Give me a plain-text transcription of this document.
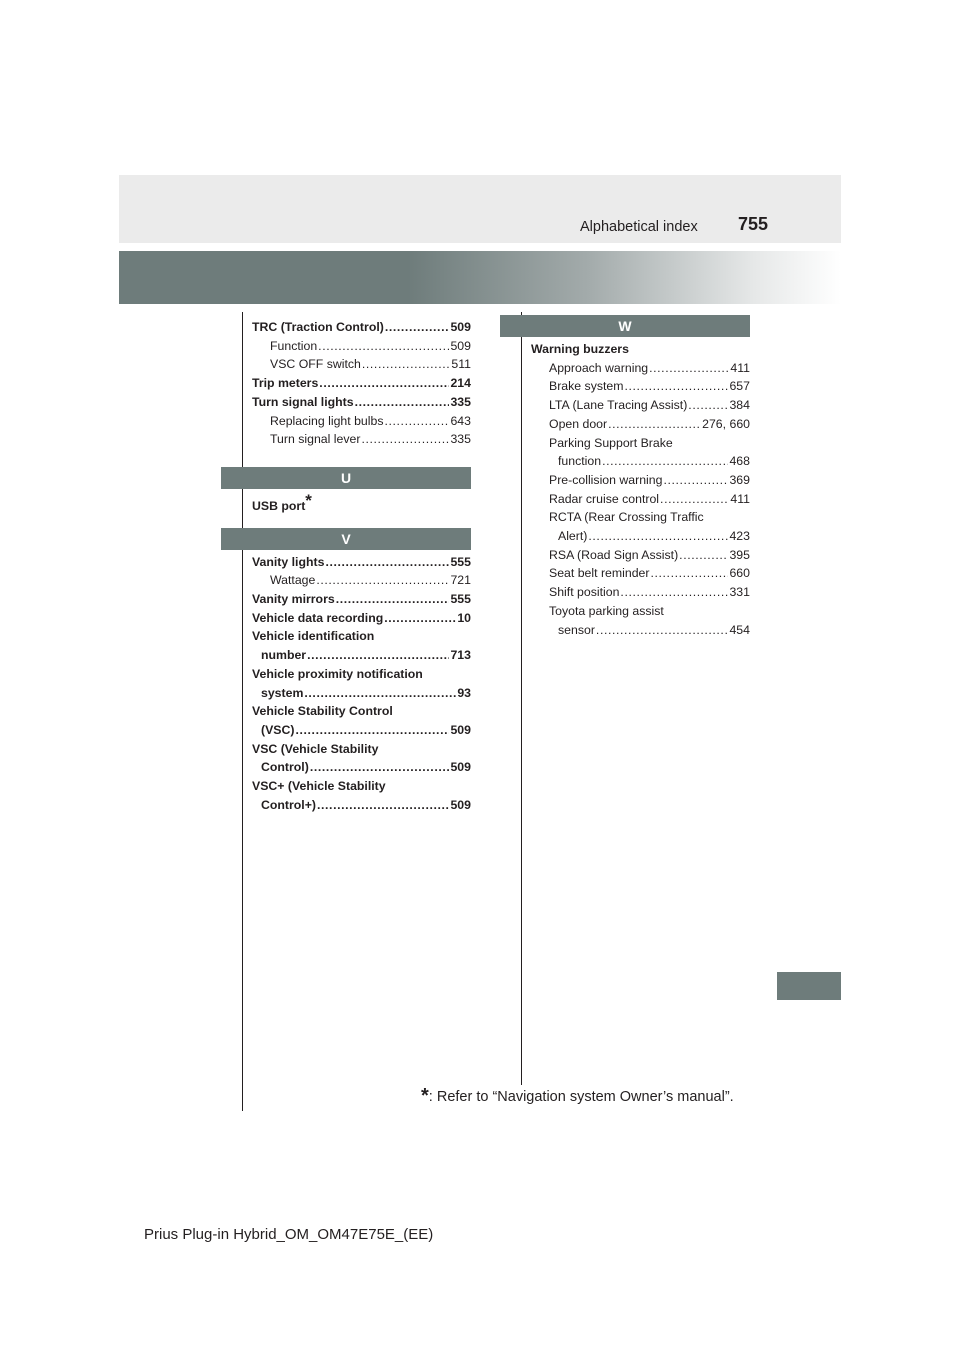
Alphabetical index 755
TRC (Traction Control) .....	509
Function .....	509
VSC OFF switch .....	511
Trip meters .....	214
Turn signal lights .....	335
Replacing light bulbs .....	643
Turn signal lever .....	335
U
USB port*
V
Vanity lights .....	555
Wattage .....	721
Vanity mirrors .....	555
Vehicle data recording .....	10
Vehicle identification
number .....	713
Vehicle proximity notification
system .....	93
Vehicle Stability Control
(VSC) .....	509
VSC (Vehicle Stability
Control) .....	509
VSC+ (Vehicle Stability
Control+) .....	509
W
Warning buzzers
Approach warning .....	411
Brake system .....	657
LTA (Lane Tracing Assist) .....	384
Open door .....	276, 660
Parking Support Brake
function .....	468
Pre-collision warning .....	369
Radar cruise control .....	411
RCTA (Rear Crossing Traffic
Alert) .....	423
RSA (Road Sign Assist) .....	395
Seat belt reminder .....	660
Shift position .....	331
Toyota parking assist
sensor .....	454
*: Refer to “Navigation system Owner’s manual”.
Prius Plug-in Hybrid_OM_OM47E75E_(EE)
